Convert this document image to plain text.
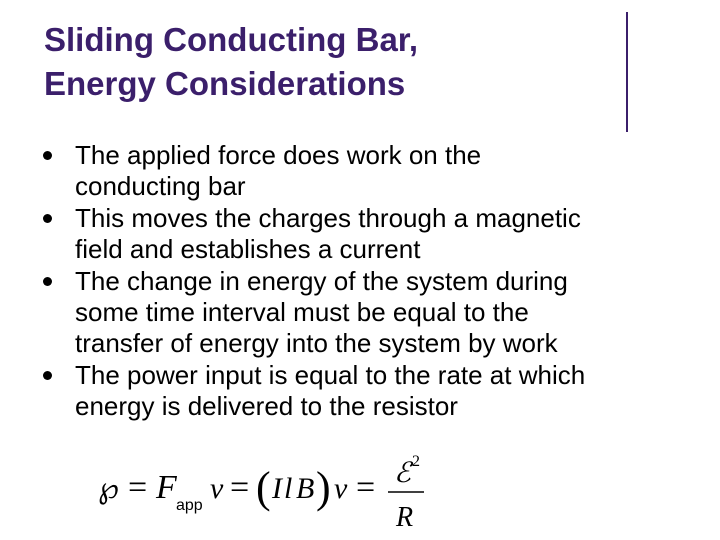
Sliding Conducting Bar,
Energy Considerations
The applied force does work on the
conducting bar
This moves the charges through a magnetic
field and establishes a current
The change in energy of the system during
some time interval must be equal to the
transfer of energy into the system by work
The power input is equal to the rate at which
energy is delivered to the resistor
℘ = F app
v = ( I l B ) v = ℰ 2
R
